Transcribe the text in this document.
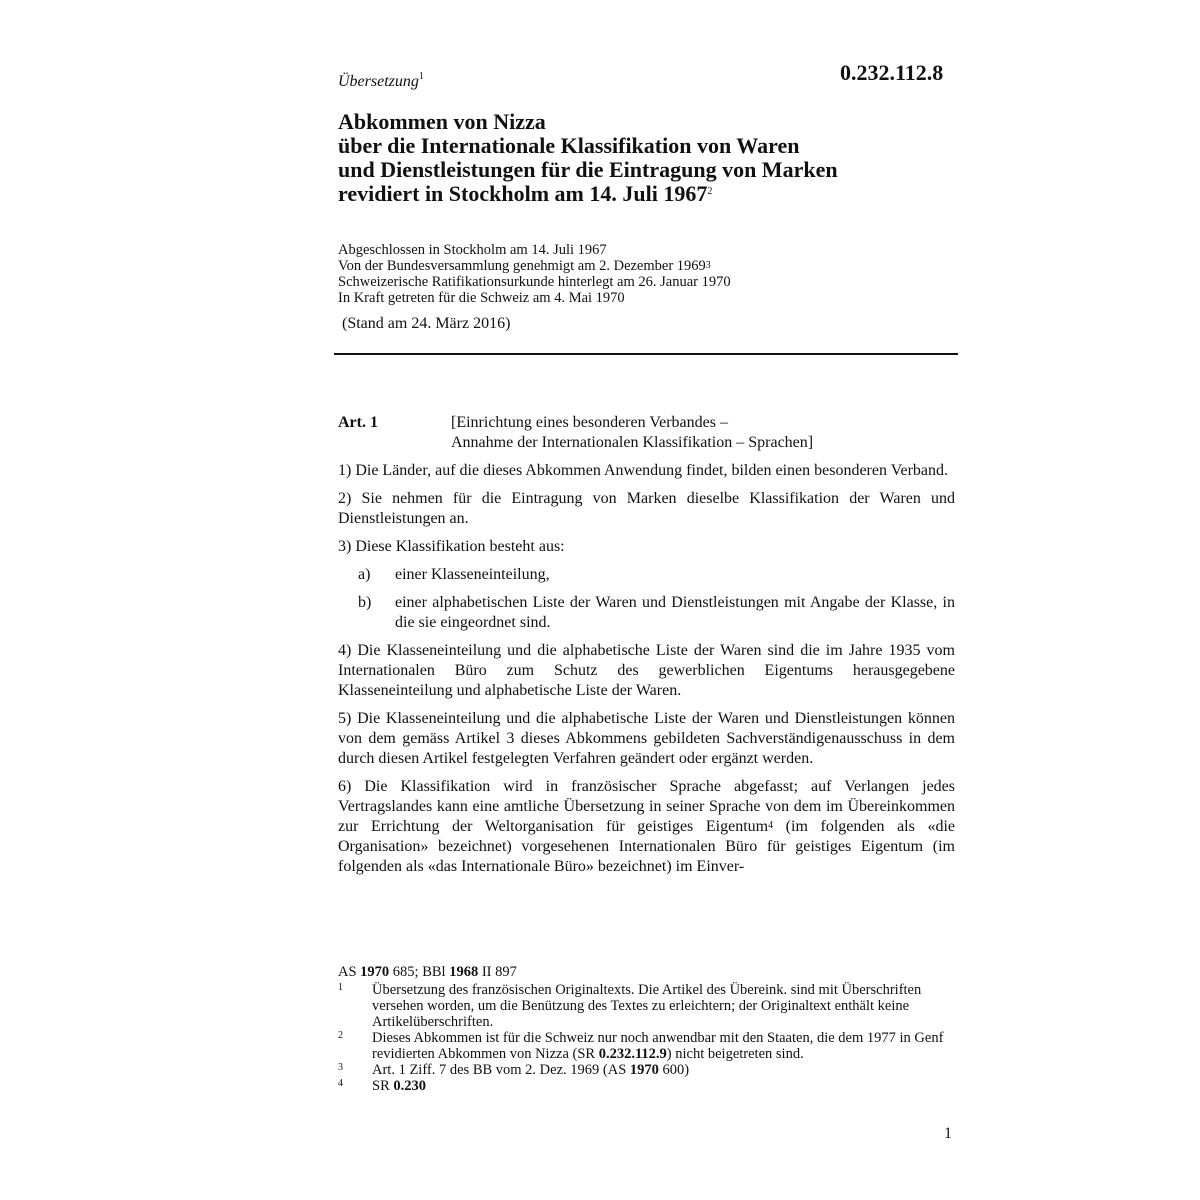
Übersetzung$^1$	0.232.112.8
Abkommen von Nizza
über die Internationale Klassifikation von Waren
und Dienstleistungen für die Eintragung von Marken
revidiert in Stockholm am 14. Juli 1967$^2$
Abgeschlossen in Stockholm am 14. Juli 1967
Von der Bundesversammlung genehmigt am 2. Dezember 1969$^3$
Schweizerische Ratifikationsurkunde hinterlegt am 26. Januar 1970
In Kraft getreten für die Schweiz am 4. Mai 1970
(Stand am 24. März 2016)
Art. 1	[Einrichtung eines besonderen Verbandes –
Annahme der Internationalen Klassifikation – Sprachen]
1) Die Länder, auf die dieses Abkommen Anwendung findet, bilden einen besonderen Verband.
2) Sie nehmen für die Eintragung von Marken dieselbe Klassifikation der Waren und Dienstleistungen an.
3) Diese Klassifikation besteht aus:
a) einer Klasseneinteilung,
b) einer alphabetischen Liste der Waren und Dienstleistungen mit Angabe der Klasse, in die sie eingeordnet sind.
4) Die Klasseneinteilung und die alphabetische Liste der Waren sind die im Jahre 1935 vom Internationalen Büro zum Schutz des gewerblichen Eigentums herausgegebene Klasseneinteilung und alphabetische Liste der Waren.
5) Die Klasseneinteilung und die alphabetische Liste der Waren und Dienstleistungen können von dem gemäss Artikel 3 dieses Abkommens gebildeten Sachverständigenausschuss in dem durch diesen Artikel festgelegten Verfahren geändert oder ergänzt werden.
6) Die Klassifikation wird in französischer Sprache abgefasst; auf Verlangen jedes Vertragslandes kann eine amtliche Übersetzung in seiner Sprache von dem im Übereinkommen zur Errichtung der Weltorganisation für geistiges Eigentum$^4$ (im folgenden als «die Organisation» bezeichnet) vorgesehenen Internationalen Büro für geistiges Eigentum (im folgenden als «das Internationale Büro» bezeichnet) im Einver-
AS 1970 685; BBl 1968 II 897
1 Übersetzung des französischen Originaltexts. Die Artikel des Übereink. sind mit Überschriften versehen worden, um die Benützung des Textes zu erleichtern; der Originaltext enthält keine Artikelüberschriften.
2 Dieses Abkommen ist für die Schweiz nur noch anwendbar mit den Staaten, die dem 1977 in Genf revidierten Abkommen von Nizza (SR 0.232.112.9) nicht beigetreten sind.
3 Art. 1 Ziff. 7 des BB vom 2. Dez. 1969 (AS 1970 600)
4 SR 0.230
1
